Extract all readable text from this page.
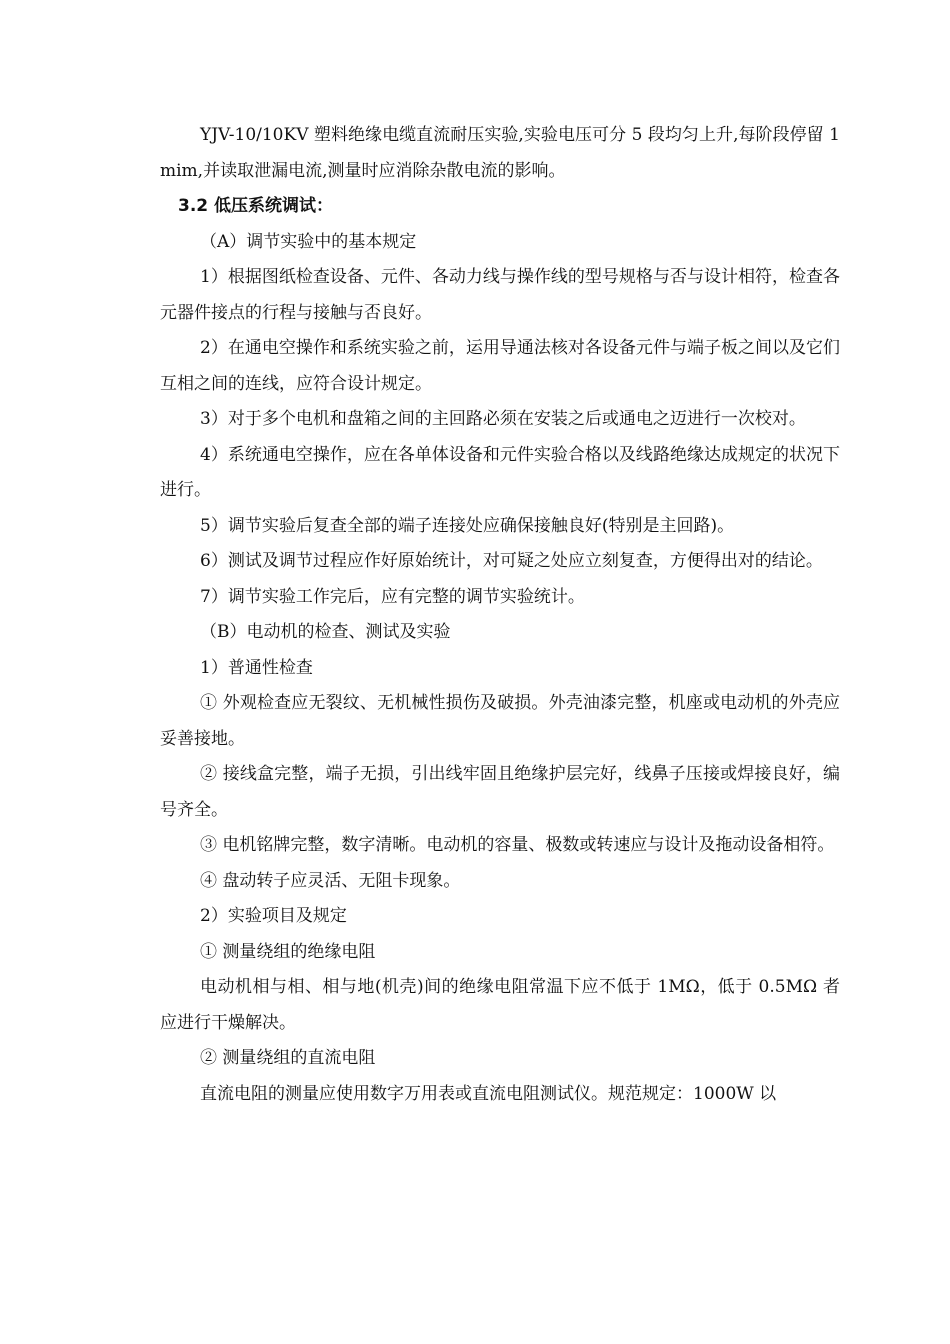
YJV-10/10KV 塑料绝缘电缆直流耐压实验,实验电压可分 5 段均匀上升,每阶段停留 1mim,并读取泄漏电流,测量时应消除杂散电流的影响。

3.2 低压系统调试：

（A）调节实验中的基本规定

1）根据图纸检查设备、元件、各动力线与操作线的型号规格与否与设计相符，检查各元器件接点的行程与接触与否良好。

2）在通电空操作和系统实验之前，运用导通法核对各设备元件与端子板之间以及它们互相之间的连线，应符合设计规定。

3）对于多个电机和盘箱之间的主回路必须在安装之后或通电之迈进行一次校对。

4）系统通电空操作，应在各单体设备和元件实验合格以及线路绝缘达成规定的状况下进行。

5）调节实验后复查全部的端子连接处应确保接触良好(特别是主回路)。

6）测试及调节过程应作好原始统计，对可疑之处应立刻复查，方便得出对的结论。

7）调节实验工作完后，应有完整的调节实验统计。

（B）电动机的检查、测试及实验

1）普通性检查

① 外观检查应无裂纹、无机械性损伤及破损。外壳油漆完整，机座或电动机的外壳应妥善接地。

② 接线盒完整，端子无损，引出线牢固且绝缘护层完好，线鼻子压接或焊接良好，编号齐全。

③ 电机铭牌完整，数字清晰。电动机的容量、极数或转速应与设计及拖动设备相符。

④ 盘动转子应灵活、无阻卡现象。

2）实验项目及规定

① 测量绕组的绝缘电阻

电动机相与相、相与地(机壳)间的绝缘电阻常温下应不低于 1MΩ，低于 0.5MΩ 者应进行干燥解决。

② 测量绕组的直流电阻

直流电阻的测量应使用数字万用表或直流电阻测试仪。规范规定：1000W 以
